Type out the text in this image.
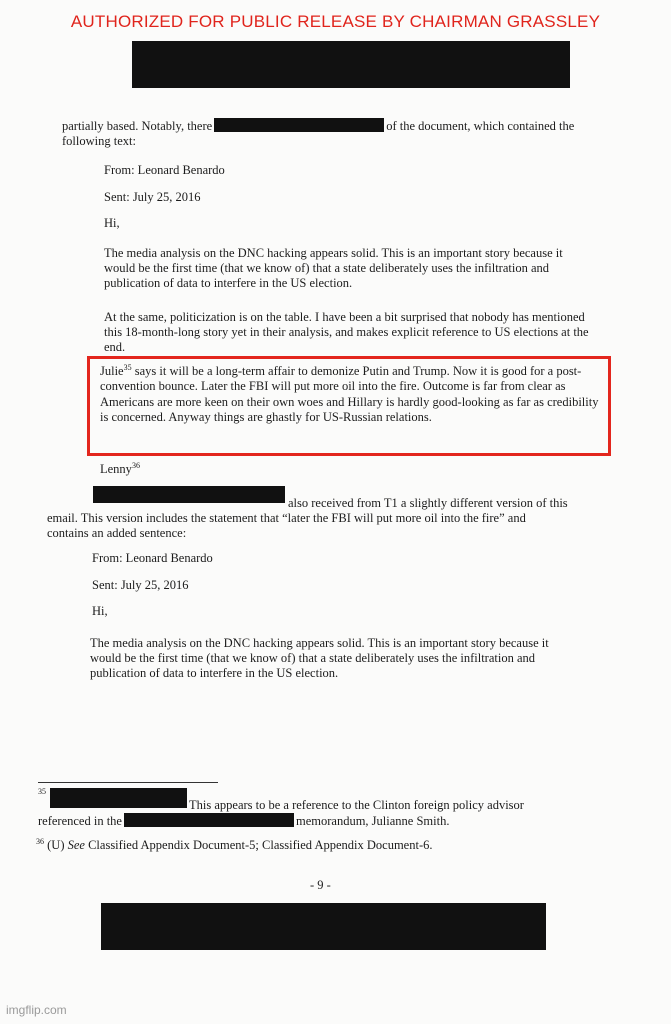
AUTHORIZED FOR PUBLIC RELEASE BY CHAIRMAN GRASSLEY
partially based. Notably, there	of the document, which contained the
following text:
From: Leonard Benardo
Sent: July 25, 2016
Hi,
The media analysis on the DNC hacking appears solid. This is an important story because it would be the first time (that we know of) that a state deliberately uses the infiltration and publication of data to interfere in the US election.
At the same, politicization is on the table. I have been a bit surprised that nobody has mentioned this 18-month-long story yet in their analysis, and makes explicit reference to US elections at the end.
Julie$^{35}$ says it will be a long-term affair to demonize Putin and Trump. Now it is good for a post-convention bounce. Later the FBI will put more oil into the fire. Outcome is far from clear as Americans are more keen on their own woes and Hillary is hardly good-looking as far as credibility is concerned. Anyway things are ghastly for US-Russian relations.
Lenny$^{36}$
also received from T1 a slightly different version of this
email. This version includes the statement that “later the FBI will put more oil into the fire” and
contains an added sentence:
From: Leonard Benardo
Sent: July 25, 2016
Hi,
The media analysis on the DNC hacking appears solid. This is an important story because it would be the first time (that we know of) that a state deliberately uses the infiltration and publication of data to interfere in the US election.
35
This appears to be a reference to the Clinton foreign policy advisor
referenced in the	memorandum, Julianne Smith.
$^{36}$ (U) See Classified Appendix Document-5; Classified Appendix Document-6.
- 9 -
imgflip.com
